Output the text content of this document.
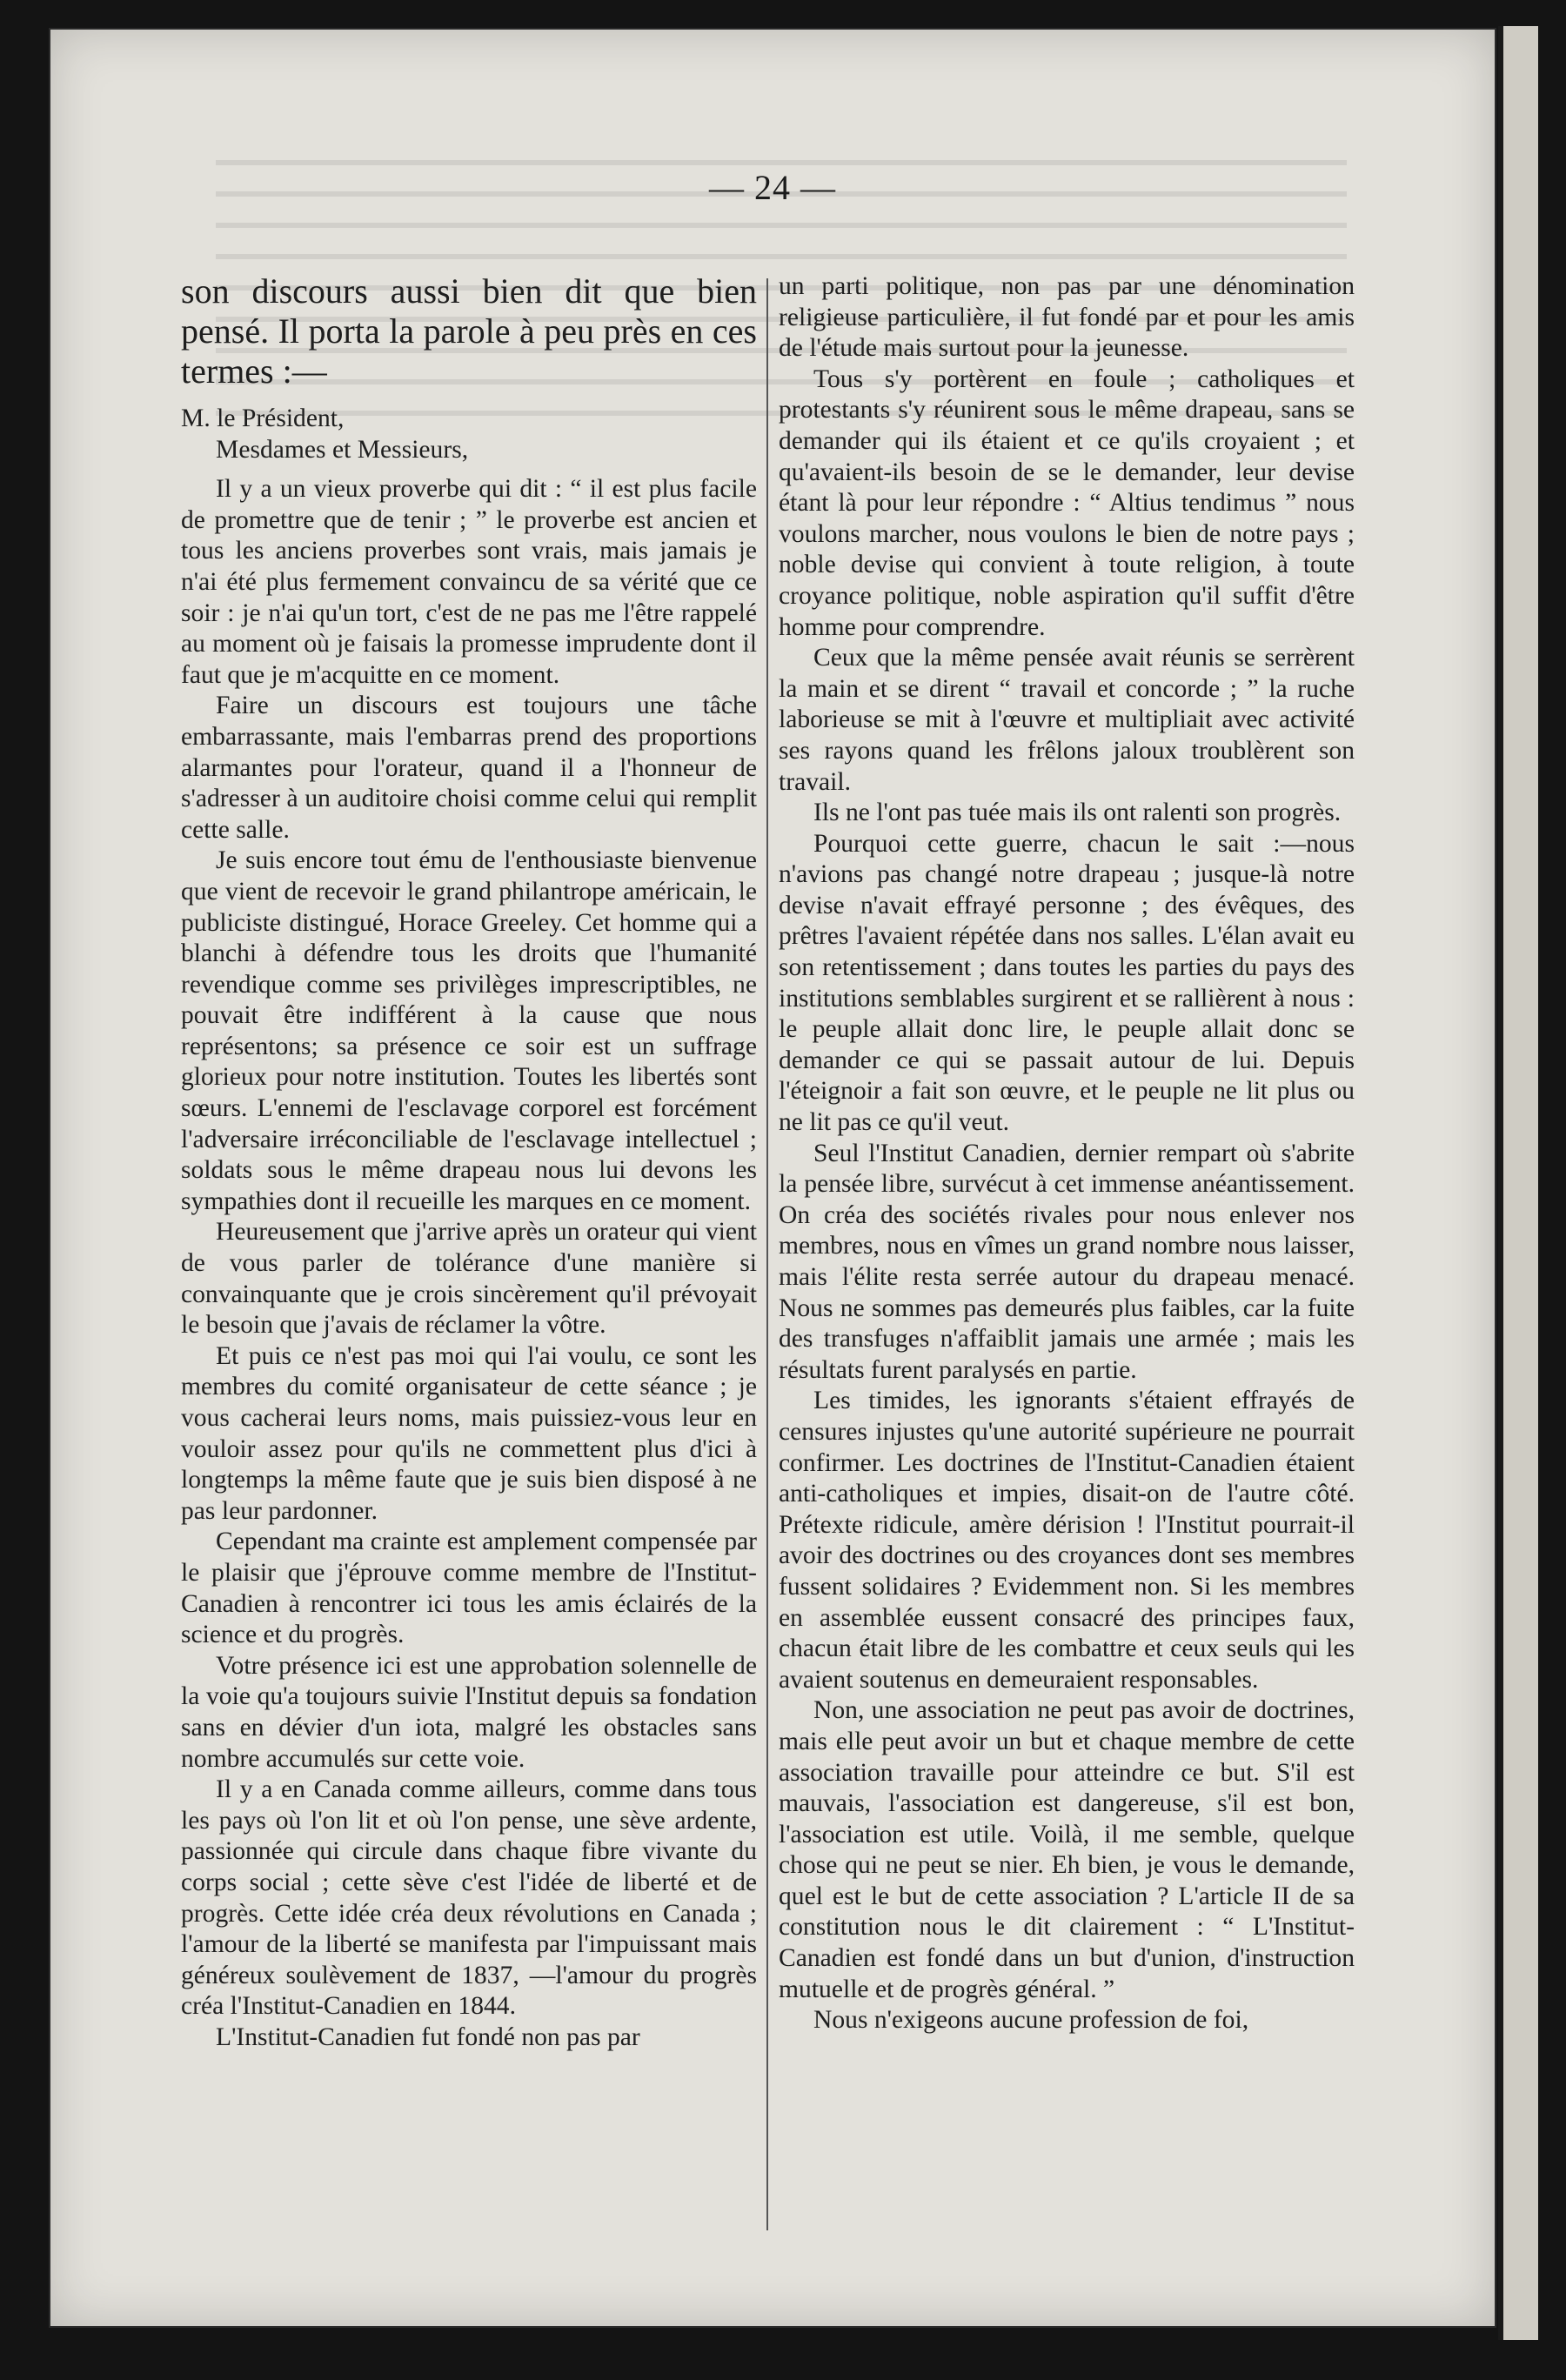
— 24 —

son discours aussi bien dit que bien pensé. Il porta la parole à peu près en ces termes :—

M. le Président,

Mesdames et Messieurs,

Il y a un vieux proverbe qui dit : “ il est plus facile de promettre que de tenir ; ” le proverbe est ancien et tous les anciens proverbes sont vrais, mais jamais je n'ai été plus fermement convaincu de sa vérité que ce soir : je n'ai qu'un tort, c'est de ne pas me l'être rappelé au moment où je faisais la promesse imprudente dont il faut que je m'acquitte en ce moment.

Faire un discours est toujours une tâche embarrassante, mais l'embarras prend des proportions alarmantes pour l'orateur, quand il a l'honneur de s'adresser à un auditoire choisi comme celui qui remplit cette salle.

Je suis encore tout ému de l'enthousiaste bienvenue que vient de recevoir le grand philantrope américain, le publiciste distingué, Horace Greeley. Cet homme qui a blanchi à défendre tous les droits que l'humanité revendique comme ses privilèges imprescriptibles, ne pouvait être indifférent à la cause que nous représentons; sa présence ce soir est un suffrage glorieux pour notre institution. Toutes les libertés sont sœurs. L'ennemi de l'esclavage corporel est forcément l'adversaire irréconciliable de l'esclavage intellectuel ; soldats sous le même drapeau nous lui devons les sympathies dont il recueille les marques en ce moment.

Heureusement que j'arrive après un orateur qui vient de vous parler de tolérance d'une manière si convainquante que je crois sincèrement qu'il prévoyait le besoin que j'avais de réclamer la vôtre.

Et puis ce n'est pas moi qui l'ai voulu, ce sont les membres du comité organisateur de cette séance ; je vous cacherai leurs noms, mais puissiez-vous leur en vouloir assez pour qu'ils ne commettent plus d'ici à longtemps la même faute que je suis bien disposé à ne pas leur pardonner.

Cependant ma crainte est amplement compensée par le plaisir que j'éprouve comme membre de l'Institut-Canadien à rencontrer ici tous les amis éclairés de la science et du progrès.

Votre présence ici est une approbation solennelle de la voie qu'a toujours suivie l'Institut depuis sa fondation sans en dévier d'un iota, malgré les obstacles sans nombre accumulés sur cette voie.

Il y a en Canada comme ailleurs, comme dans tous les pays où l'on lit et où l'on pense, une sève ardente, passionnée qui circule dans chaque fibre vivante du corps social ; cette sève c'est l'idée de liberté et de progrès. Cette idée créa deux révolutions en Canada ; l'amour de la liberté se manifesta par l'impuissant mais généreux soulèvement de 1837, —l'amour du progrès créa l'Institut-Canadien en 1844.

L'Institut-Canadien fut fondé non pas par

un parti politique, non pas par une dénomination religieuse particulière, il fut fondé par et pour les amis de l'étude mais surtout pour la jeunesse.

Tous s'y portèrent en foule ; catholiques et protestants s'y réunirent sous le même drapeau, sans se demander qui ils étaient et ce qu'ils croyaient ; et qu'avaient-ils besoin de se le demander, leur devise étant là pour leur répondre : “ Altius tendimus ” nous voulons marcher, nous voulons le bien de notre pays ; noble devise qui convient à toute religion, à toute croyance politique, noble aspiration qu'il suffit d'être homme pour comprendre.

Ceux que la même pensée avait réunis se serrèrent la main et se dirent “ travail et concorde ; ” la ruche laborieuse se mit à l'œuvre et multipliait avec activité ses rayons quand les frêlons jaloux troublèrent son travail.

Ils ne l'ont pas tuée mais ils ont ralenti son progrès.

Pourquoi cette guerre, chacun le sait :—nous n'avions pas changé notre drapeau ; jusque-là notre devise n'avait effrayé personne ; des évêques, des prêtres l'avaient répétée dans nos salles. L'élan avait eu son retentissement ; dans toutes les parties du pays des institutions semblables surgirent et se rallièrent à nous : le peuple allait donc lire, le peuple allait donc se demander ce qui se passait autour de lui. Depuis l'éteignoir a fait son œuvre, et le peuple ne lit plus ou ne lit pas ce qu'il veut.

Seul l'Institut Canadien, dernier rempart où s'abrite la pensée libre, survécut à cet immense anéantissement. On créa des sociétés rivales pour nous enlever nos membres, nous en vîmes un grand nombre nous laisser, mais l'élite resta serrée autour du drapeau menacé. Nous ne sommes pas demeurés plus faibles, car la fuite des transfuges n'affaiblit jamais une armée ; mais les résultats furent paralysés en partie.

Les timides, les ignorants s'étaient effrayés de censures injustes qu'une autorité supérieure ne pourrait confirmer. Les doctrines de l'Institut-Canadien étaient anti-catholiques et impies, disait-on de l'autre côté. Prétexte ridicule, amère dérision ! l'Institut pourrait-il avoir des doctrines ou des croyances dont ses membres fussent solidaires ? Evidemment non. Si les membres en assemblée eussent consacré des principes faux, chacun était libre de les combattre et ceux seuls qui les avaient soutenus en demeuraient responsables.

Non, une association ne peut pas avoir de doctrines, mais elle peut avoir un but et chaque membre de cette association travaille pour atteindre ce but. S'il est mauvais, l'association est dangereuse, s'il est bon, l'association est utile. Voilà, il me semble, quelque chose qui ne peut se nier. Eh bien, je vous le demande, quel est le but de cette association ? L'article II de sa constitution nous le dit clairement : “ L'Institut-Canadien est fondé dans un but d'union, d'instruction mutuelle et de progrès général. ”

Nous n'exigeons aucune profession de foi,
